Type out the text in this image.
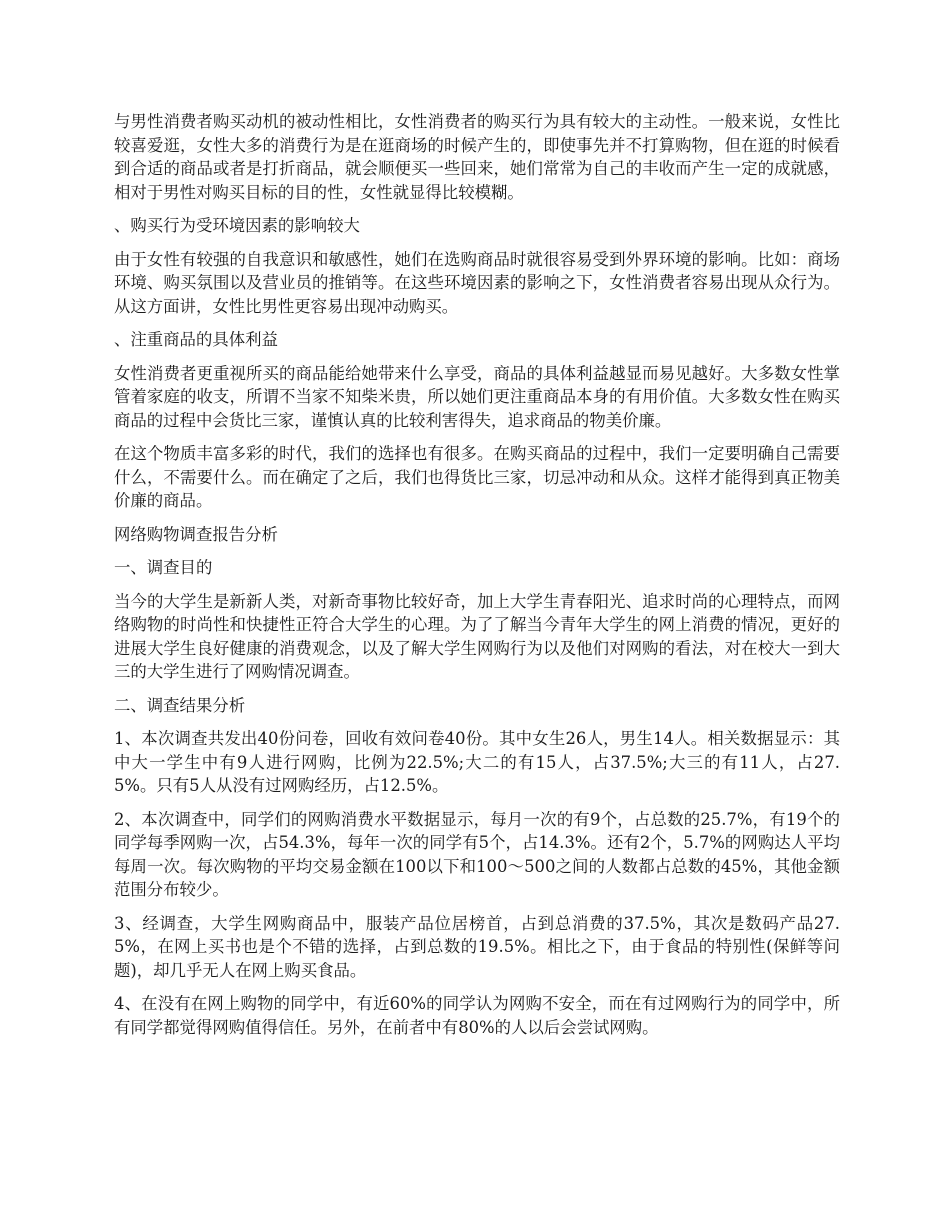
与男性消费者购买动机的被动性相比，女性消费者的购买行为具有较大的主动性。一般来说，女性比较喜爱逛，女性大多的消费行为是在逛商场的时候产生的，即使事先并不打算购物，但在逛的时候看到合适的商品或者是打折商品，就会顺便买一些回来，她们常常为自己的丰收而产生一定的成就感，相对于男性对购买目标的目的性，女性就显得比较模糊。

、购买行为受环境因素的影响较大

由于女性有较强的自我意识和敏感性，她们在选购商品时就很容易受到外界环境的影响。比如：商场环境、购买氛围以及营业员的推销等。在这些环境因素的影响之下，女性消费者容易出现从众行为。从这方面讲，女性比男性更容易出现冲动购买。

、注重商品的具体利益

女性消费者更重视所买的商品能给她带来什么享受，商品的具体利益越显而易见越好。大多数女性掌管着家庭的收支，所谓不当家不知柴米贵，所以她们更注重商品本身的有用价值。大多数女性在购买商品的过程中会货比三家，谨慎认真的比较利害得失，追求商品的物美价廉。

在这个物质丰富多彩的时代，我们的选择也有很多。在购买商品的过程中，我们一定要明确自己需要什么，不需要什么。而在确定了之后，我们也得货比三家，切忌冲动和从众。这样才能得到真正物美价廉的商品。

网络购物调查报告分析

一、调查目的

当今的大学生是新新人类，对新奇事物比较好奇，加上大学生青春阳光、追求时尚的心理特点，而网络购物的时尚性和快捷性正符合大学生的心理。为了了解当今青年大学生的网上消费的情况，更好的进展大学生良好健康的消费观念，以及了解大学生网购行为以及他们对网购的看法，对在校大一到大三的大学生进行了网购情况调查。

二、调查结果分析

1、本次调查共发出40份问卷，回收有效问卷40份。其中女生26人，男生14人。相关数据显示：其中大一学生中有9人进行网购，比例为22.5%;大二的有15人，占37.5%;大三的有11人，占27.5%。只有5人从没有过网购经历，占12.5%。

2、本次调查中，同学们的网购消费水平数据显示，每月一次的有9个，占总数的25.7%，有19个的同学每季网购一次，占54.3%，每年一次的同学有5个，占14.3%。还有2个，5.7%的网购达人平均每周一次。每次购物的平均交易金额在100以下和100～500之间的人数都占总数的45%，其他金额范围分布较少。

3、经调查，大学生网购商品中，服装产品位居榜首，占到总消费的37.5%，其次是数码产品27.5%，在网上买书也是个不错的选择，占到总数的19.5%。相比之下，由于食品的特别性(保鲜等问题)，却几乎无人在网上购买食品。

4、在没有在网上购物的同学中，有近60%的同学认为网购不安全，而在有过网购行为的同学中，所有同学都觉得网购值得信任。另外，在前者中有80%的人以后会尝试网购。
